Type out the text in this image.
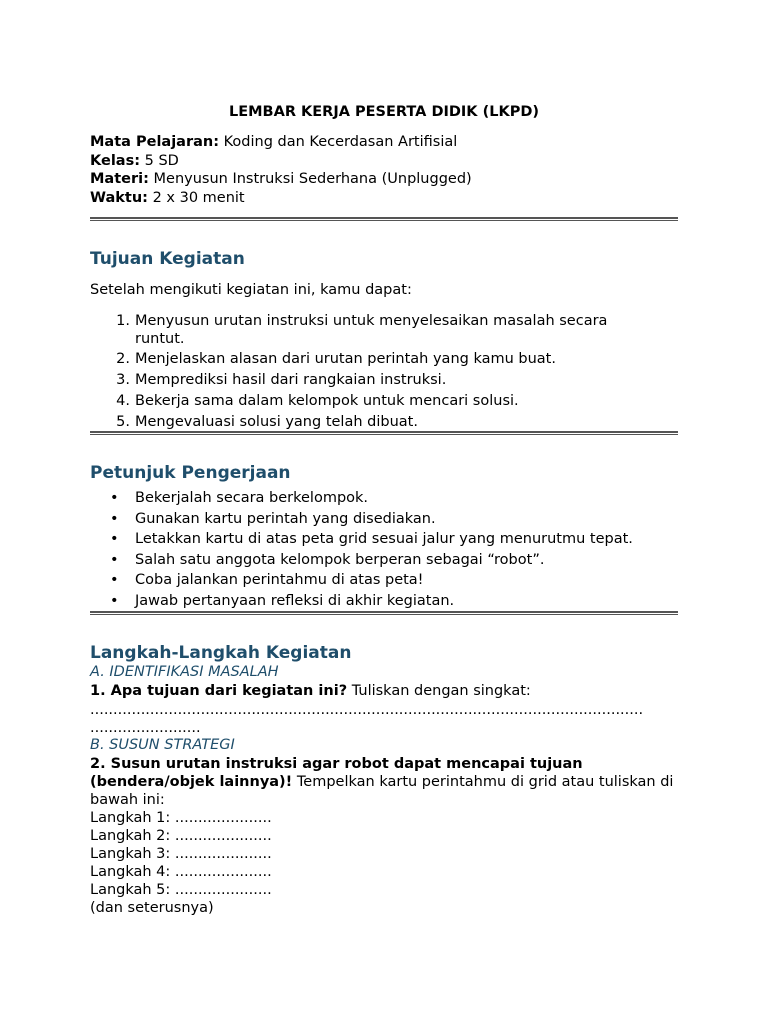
LEMBAR KERJA PESERTA DIDIK (LKPD)
Mata Pelajaran: Koding dan Kecerdasan Artifisial
Kelas: 5 SD
Materi: Menyusun Instruksi Sederhana (Unplugged)
Waktu: 2 x 30 menit
Tujuan Kegiatan
Setelah mengikuti kegiatan ini, kamu dapat:
1. Menyusun urutan instruksi untuk menyelesaikan masalah secara runtut.
2. Menjelaskan alasan dari urutan perintah yang kamu buat.
3. Memprediksi hasil dari rangkaian instruksi.
4. Bekerja sama dalam kelompok untuk mencari solusi.
5. Mengevaluasi solusi yang telah dibuat.
Petunjuk Pengerjaan
• Bekerjalah secara berkelompok.
• Gunakan kartu perintah yang disediakan.
• Letakkan kartu di atas peta grid sesuai jalur yang menurutmu tepat.
• Salah satu anggota kelompok berperan sebagai “robot”.
• Coba jalankan perintahmu di atas peta!
• Jawab pertanyaan refleksi di akhir kegiatan.
Langkah-Langkah Kegiatan
A. IDENTIFIKASI MASALAH
1. Apa tujuan dari kegiatan ini? Tuliskan dengan singkat:
........................................................................................................................
........................
B. SUSUN STRATEGI
2. Susun urutan instruksi agar robot dapat mencapai tujuan (bendera/objek lainnya)! Tempelkan kartu perintahmu di grid atau tuliskan di bawah ini:
Langkah 1: .....................
Langkah 2: .....................
Langkah 3: .....................
Langkah 4: .....................
Langkah 5: .....................
(dan seterusnya)
